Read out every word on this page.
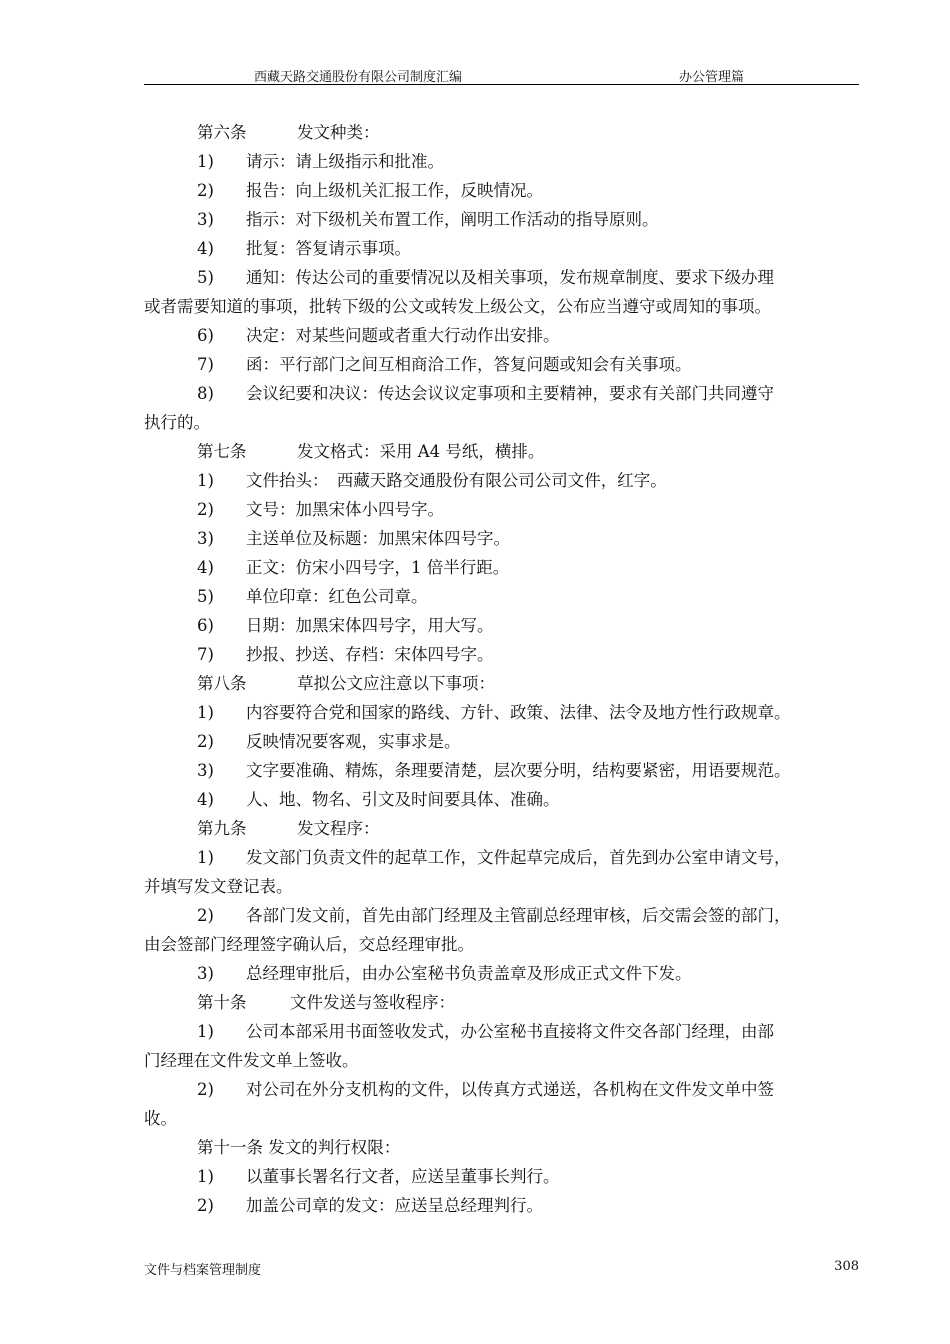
西藏天路交通股份有限公司制度汇编	办公管理篇
第六条	发文种类：
1) 请示：请上级指示和批准。
2) 报告：向上级机关汇报工作，反映情况。
3) 指示：对下级机关布置工作，阐明工作活动的指导原则。
4) 批复：答复请示事项。
5) 通知：传达公司的重要情况以及相关事项，发布规章制度、要求下级办理
或者需要知道的事项，批转下级的公文或转发上级公文，公布应当遵守或周知的事项。
6) 决定：对某些问题或者重大行动作出安排。
7) 函：平行部门之间互相商洽工作，答复问题或知会有关事项。
8) 会议纪要和决议：传达会议议定事项和主要精神，要求有关部门共同遵守
执行的。
第七条	发文格式：采用 A4 号纸，横排。
1) 文件抬头：　西藏天路交通股份有限公司公司文件，红字。
2) 文号：加黑宋体小四号字。
3) 主送单位及标题：加黑宋体四号字。
4) 正文：仿宋小四号字，1 倍半行距。
5) 单位印章：红色公司章。
6) 日期：加黑宋体四号字，用大写。
7) 抄报、抄送、存档：宋体四号字。
第八条	草拟公文应注意以下事项：
1) 内容要符合党和国家的路线、方针、政策、法律、法令及地方性行政规章。
2) 反映情况要客观，实事求是。
3) 文字要准确、精炼，条理要清楚，层次要分明，结构要紧密，用语要规范。
4) 人、地、物名、引文及时间要具体、准确。
第九条	发文程序：
1) 发文部门负责文件的起草工作，文件起草完成后，首先到办公室申请文号，
并填写发文登记表。
2) 各部门发文前，首先由部门经理及主管副总经理审核，后交需会签的部门，
由会签部门经理签字确认后，交总经理审批。
3) 总经理审批后，由办公室秘书负责盖章及形成正式文件下发。
第十条	文件发送与签收程序：
1) 公司本部采用书面签收发式，办公室秘书直接将文件交各部门经理，由部
门经理在文件发文单上签收。
2) 对公司在外分支机构的文件，以传真方式递送，各机构在文件发文单中签
收。
第十一条 发文的判行权限：
1) 以董事长署名行文者，应送呈董事长判行。
2) 加盖公司章的发文：应送呈总经理判行。
文件与档案管理制度	308
